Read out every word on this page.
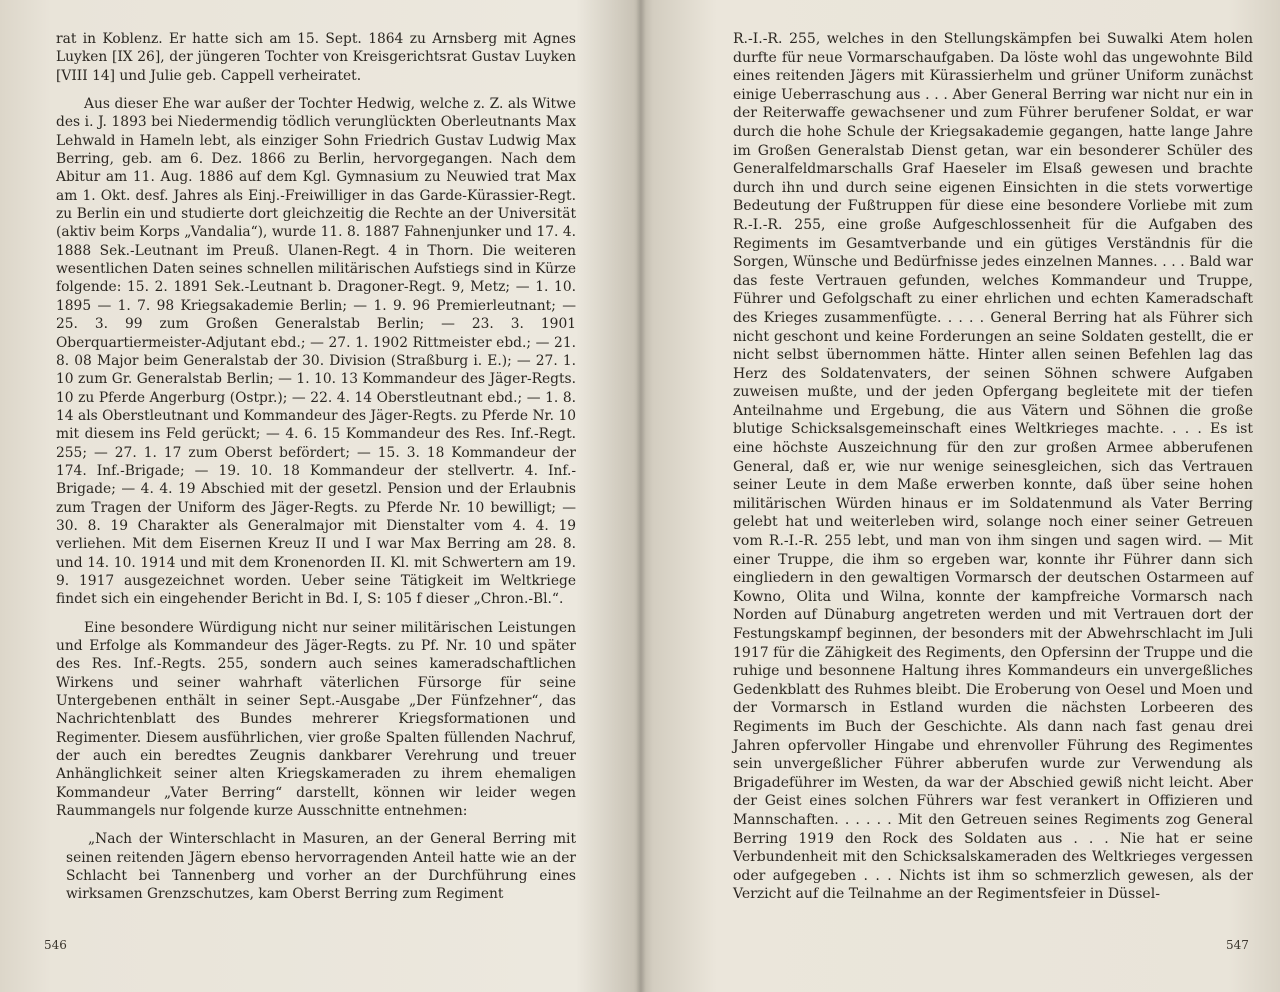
rat in Koblenz. Er hatte sich am 15. Sept. 1864 zu Arnsberg mit Agnes Luyken [IX 26], der jüngeren Tochter von Kreisgerichtsrat Gustav Luyken [VIII 14] und Julie geb. Cappell verheiratet.

Aus dieser Ehe war außer der Tochter Hedwig, welche z. Z. als Witwe des i. J. 1893 bei Niedermendig tödlich verunglückten Oberleutnants Max Lehwald in Hameln lebt, als einziger Sohn Friedrich Gustav Ludwig Max Berring, geb. am 6. Dez. 1866 zu Berlin, hervorgegangen. Nach dem Abitur am 11. Aug. 1886 auf dem Kgl. Gymnasium zu Neuwied trat Max am 1. Okt. desf. Jahres als Einj.-Freiwilliger in das Garde-Kürassier-Regt. zu Berlin ein und studierte dort gleichzeitig die Rechte an der Universität (aktiv beim Korps „Vandalia“), wurde 11. 8. 1887 Fahnenjunker und 17. 4. 1888 Sek.-Leutnant im Preuß. Ulanen-Regt. 4 in Thorn. Die weiteren wesentlichen Daten seines schnellen militärischen Aufstiegs sind in Kürze folgende: 15. 2. 1891 Sek.-Leutnant b. Dragoner-Regt. 9, Metz; — 1. 10. 1895 — 1. 7. 98 Kriegsakademie Berlin; — 1. 9. 96 Premierleutnant; — 25. 3. 99 zum Großen Generalstab Berlin; — 23. 3. 1901 Oberquartiermeister-Adjutant ebd.; — 27. 1. 1902 Rittmeister ebd.; — 21. 8. 08 Major beim Generalstab der 30. Division (Straßburg i. E.); — 27. 1. 10 zum Gr. Generalstab Berlin; — 1. 10. 13 Kommandeur des Jäger-Regts. 10 zu Pferde Angerburg (Ostpr.); — 22. 4. 14 Oberstleutnant ebd.; — 1. 8. 14 als Oberstleutnant und Kommandeur des Jäger-Regts. zu Pferde Nr. 10 mit diesem ins Feld gerückt; — 4. 6. 15 Kommandeur des Res. Inf.-Regt. 255; — 27. 1. 17 zum Oberst befördert; — 15. 3. 18 Kommandeur der 174. Inf.-Brigade; — 19. 10. 18 Kommandeur der stellvertr. 4. Inf.-Brigade; — 4. 4. 19 Abschied mit der gesetzl. Pension und der Erlaubnis zum Tragen der Uniform des Jäger-Regts. zu Pferde Nr. 10 bewilligt; — 30. 8. 19 Charakter als Generalmajor mit Dienstalter vom 4. 4. 19 verliehen. Mit dem Eisernen Kreuz II und I war Max Berring am 28. 8. und 14. 10. 1914 und mit dem Kronenorden II. Kl. mit Schwertern am 19. 9. 1917 ausgezeichnet worden. Ueber seine Tätigkeit im Weltkriege findet sich ein eingehender Bericht in Bd. I, S: 105 f dieser „Chron.-Bl.“.

Eine besondere Würdigung nicht nur seiner militärischen Leistungen und Erfolge als Kommandeur des Jäger-Regts. zu Pf. Nr. 10 und später des Res. Inf.-Regts. 255, sondern auch seines kameradschaftlichen Wirkens und seiner wahrhaft väterlichen Fürsorge für seine Untergebenen enthält in seiner Sept.-Ausgabe „Der Fünfzehner“, das Nachrichtenblatt des Bundes mehrerer Kriegsformationen und Regimenter. Diesem ausführlichen, vier große Spalten füllenden Nachruf, der auch ein beredtes Zeugnis dankbarer Verehrung und treuer Anhänglichkeit seiner alten Kriegskameraden zu ihrem ehemaligen Kommandeur „Vater Berring“ darstellt, können wir leider wegen Raummangels nur folgende kurze Ausschnitte entnehmen:

„Nach der Winterschlacht in Masuren, an der General Berring mit seinen reitenden Jägern ebenso hervorragenden Anteil hatte wie an der Schlacht bei Tannenberg und vorher an der Durchführung eines wirksamen Grenzschutzes, kam Oberst Berring zum Regiment

546

R.-I.-R. 255, welches in den Stellungskämpfen bei Suwalki Atem holen durfte für neue Vormarschaufgaben. Da löste wohl das ungewohnte Bild eines reitenden Jägers mit Kürassierhelm und grüner Uniform zunächst einige Ueberraschung aus . . . Aber General Berring war nicht nur ein in der Reiterwaffe gewachsener und zum Führer berufener Soldat, er war durch die hohe Schule der Kriegsakademie gegangen, hatte lange Jahre im Großen Generalstab Dienst getan, war ein besonderer Schüler des Generalfeldmarschalls Graf Haeseler im Elsaß gewesen und brachte durch ihn und durch seine eigenen Einsichten in die stets vorwertige Bedeutung der Fußtruppen für diese eine besondere Vorliebe mit zum R.-I.-R. 255, eine große Aufgeschlossenheit für die Aufgaben des Regiments im Gesamtverbande und ein gütiges Verständnis für die Sorgen, Wünsche und Bedürfnisse jedes einzelnen Mannes. . . . Bald war das feste Vertrauen gefunden, welches Kommandeur und Truppe, Führer und Gefolgschaft zu einer ehrlichen und echten Kameradschaft des Krieges zusammenfügte. . . . . General Berring hat als Führer sich nicht geschont und keine Forderungen an seine Soldaten gestellt, die er nicht selbst übernommen hätte. Hinter allen seinen Befehlen lag das Herz des Soldatenvaters, der seinen Söhnen schwere Aufgaben zuweisen mußte, und der jeden Opfergang begleitete mit der tiefen Anteilnahme und Ergebung, die aus Vätern und Söhnen die große blutige Schicksalsgemeinschaft eines Weltkrieges machte. . . . Es ist eine höchste Auszeichnung für den zur großen Armee abberufenen General, daß er, wie nur wenige seinesgleichen, sich das Vertrauen seiner Leute in dem Maße erwerben konnte, daß über seine hohen militärischen Würden hinaus er im Soldatenmund als Vater Berring gelebt hat und weiterleben wird, solange noch einer seiner Getreuen vom R.-I.-R. 255 lebt, und man von ihm singen und sagen wird. — Mit einer Truppe, die ihm so ergeben war, konnte ihr Führer dann sich eingliedern in den gewaltigen Vormarsch der deutschen Ostarmeen auf Kowno, Olita und Wilna, konnte der kampfreiche Vormarsch nach Norden auf Dünaburg angetreten werden und mit Vertrauen dort der Festungskampf beginnen, der besonders mit der Abwehrschlacht im Juli 1917 für die Zähigkeit des Regiments, den Opfersinn der Truppe und die ruhige und besonnene Haltung ihres Kommandeurs ein unvergeßliches Gedenkblatt des Ruhmes bleibt. Die Eroberung von Oesel und Moen und der Vormarsch in Estland wurden die nächsten Lorbeeren des Regiments im Buch der Geschichte. Als dann nach fast genau drei Jahren opfervoller Hingabe und ehrenvoller Führung des Regimentes sein unvergeßlicher Führer abberufen wurde zur Verwendung als Brigadeführer im Westen, da war der Abschied gewiß nicht leicht. Aber der Geist eines solchen Führers war fest verankert in Offizieren und Mannschaften. . . . . . Mit den Getreuen seines Regiments zog General Berring 1919 den Rock des Soldaten aus . . . Nie hat er seine Verbundenheit mit den Schicksalskameraden des Weltkrieges vergessen oder aufgegeben . . . Nichts ist ihm so schmerzlich gewesen, als der Verzicht auf die Teilnahme an der Regimentsfeier in Düssel-

547
